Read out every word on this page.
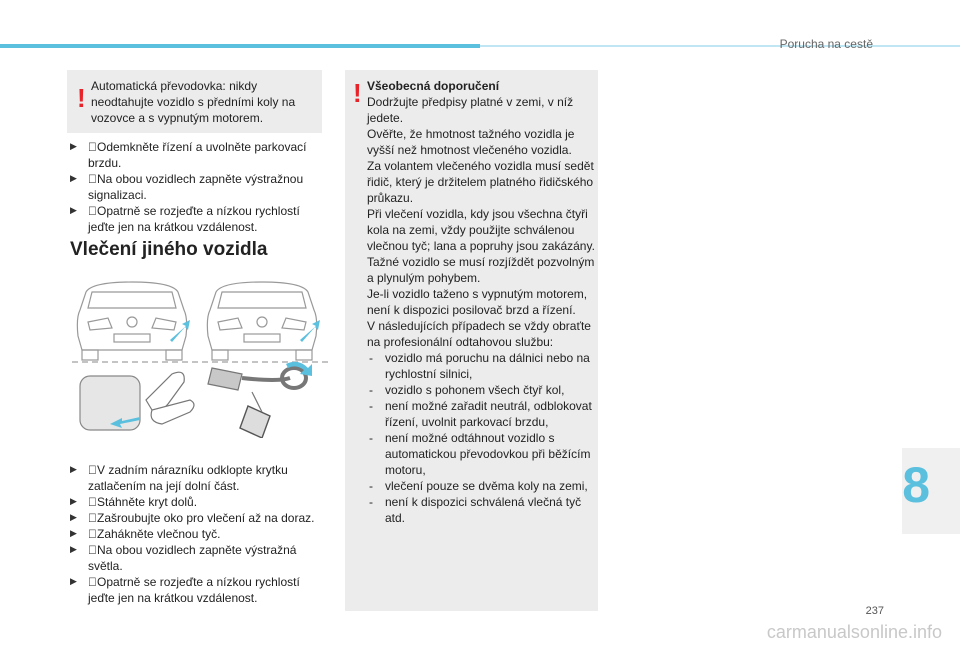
Porucha na cestě
8
237
! Automatická převodovka: nikdy neodtahujte vozidlo s předními koly na vozovce a s vypnutým motorem.

▶ Odemkněte řízení a uvolněte parkovací brzdu.
▶ Na obou vozidlech zapněte výstražnou signalizaci.
▶ Opatrně se rozjeďte a nízkou rychlostí jeďte jen na krátkou vzdálenost.
Vlečení jiného vozidla
▶ V zadním nárazníku odklopte krytku zatlačením na její dolní část.
▶ Stáhněte kryt dolů.
▶ Zašroubujte oko pro vlečení až na doraz.
▶ Zahákněte vlečnou tyč.
▶ Na obou vozidlech zapněte výstražná světla.
▶ Opatrně se rozjeďte a nízkou rychlostí jeďte jen na krátkou vzdálenost.
! Všeobecná doporučení
Dodržujte předpisy platné v zemi, v níž jedete.
Ověřte, že hmotnost tažného vozidla je vyšší než hmotnost vlečeného vozidla.
Za volantem vlečeného vozidla musí sedět řidič, který je držitelem platného řidičského průkazu.
Při vlečení vozidla, kdy jsou všechna čtyři kola na zemi, vždy použijte schválenou vlečnou tyč; lana a popruhy jsou zakázány.
Tažné vozidlo se musí rozjíždět pozvolným a plynulým pohybem.
Je-li vozidlo taženo s vypnutým motorem, není k dispozici posilovač brzd a řízení.
V následujících případech se vždy obraťte na profesionální odtahovou službu:
- vozidlo má poruchu na dálnici nebo na rychlostní silnici,
- vozidlo s pohonem všech čtyř kol,
- není možné zařadit neutrál, odblokovat řízení, uvolnit parkovací brzdu,
- není možné odtáhnout vozidlo s automatickou převodovkou při běžícím motoru,
- vlečení pouze se dvěma koly na zemi,
- není k dispozici schválená vlečná tyč atd.
carmanualsonline.info
